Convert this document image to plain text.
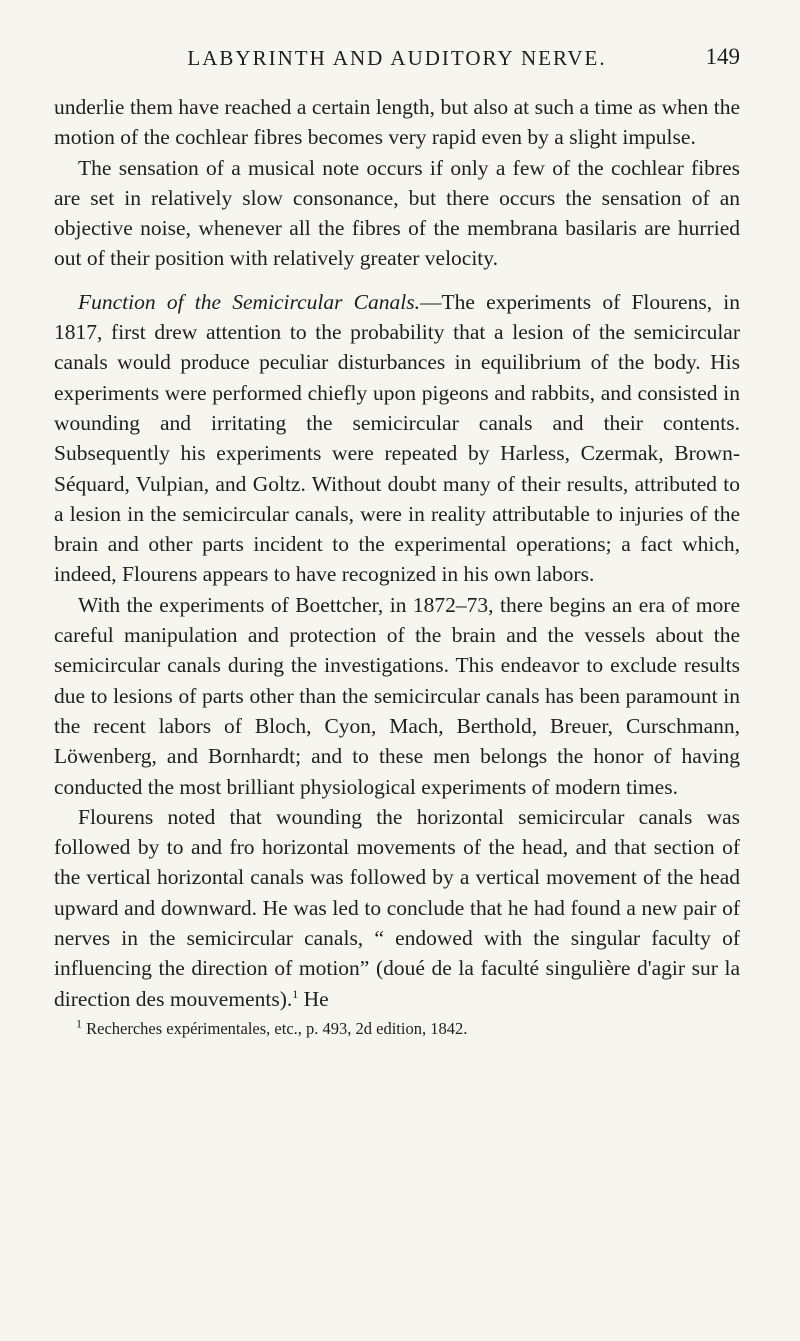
LABYRINTH AND AUDITORY NERVE.	149

underlie them have reached a certain length, but also at such a time as when the motion of the cochlear fibres becomes very rapid even by a slight impulse.

The sensation of a musical note occurs if only a few of the cochlear fibres are set in relatively slow consonance, but there occurs the sensation of an objective noise, whenever all the fibres of the membrana basilaris are hurried out of their position with relatively greater velocity.

Function of the Semicircular Canals.—The experiments of Flourens, in 1817, first drew attention to the probability that a lesion of the semicircular canals would produce peculiar disturbances in equilibrium of the body. His experiments were performed chiefly upon pigeons and rabbits, and consisted in wounding and irritating the semicircular canals and their contents. Subsequently his experiments were repeated by Harless, Czermak, Brown-Séquard, Vulpian, and Goltz. Without doubt many of their results, attributed to a lesion in the semicircular canals, were in reality attributable to injuries of the brain and other parts incident to the experimental operations; a fact which, indeed, Flourens appears to have recognized in his own labors.

With the experiments of Boettcher, in 1872–73, there begins an era of more careful manipulation and protection of the brain and the vessels about the semicircular canals during the investigations. This endeavor to exclude results due to lesions of parts other than the semicircular canals has been paramount in the recent labors of Bloch, Cyon, Mach, Berthold, Breuer, Curschmann, Löwenberg, and Bornhardt; and to these men belongs the honor of having conducted the most brilliant physiological experiments of modern times.

Flourens noted that wounding the horizontal semicircular canals was followed by to and fro horizontal movements of the head, and that section of the vertical horizontal canals was followed by a vertical movement of the head upward and downward. He was led to conclude that he had found a new pair of nerves in the semicircular canals, “ endowed with the singular faculty of influencing the direction of motion” (doué de la faculté singulière d'agir sur la direction des mouvements).$^1$ He

$^1$ Recherches expérimentales, etc., p. 493, 2d edition, 1842.
